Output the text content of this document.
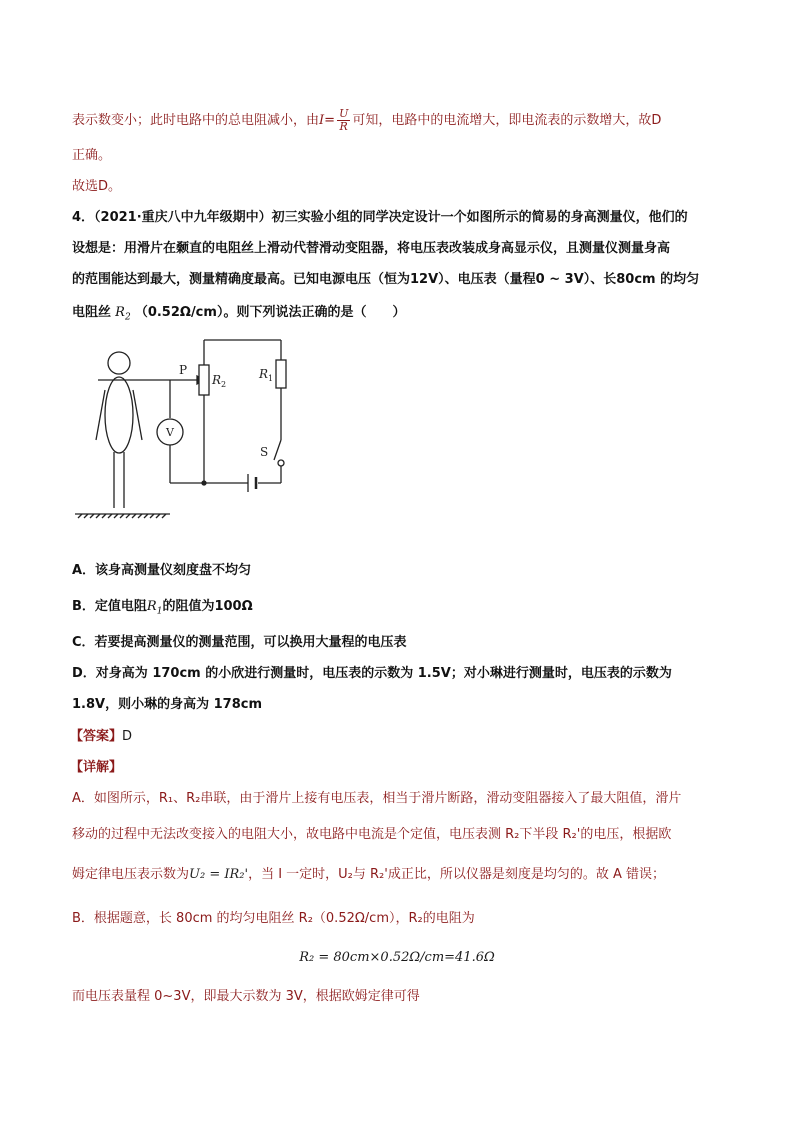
表示数变小；此时电路中的总电阻减小，由$I= \frac{U}{R}$ 可知，电路中的电流增大，即电流表的示数增大，故D
正确。
故选D。
4．（2021·重庆八中九年级期中）初三实验小组的同学决定设计一个如图所示的简易的身高测量仪，他们的
设想是：用滑片在颡直的电阻丝上滑动代替滑动变阻器，将电压表改装成身高显示仪，且测量仪测量身高
的范围能达到最大，测量精确度最高。已知电源电压（恒为12V）、电压表（量程0 ~ 3V）、长80cm 的均匀
电阻丝 $R_2$ （0.52Ω/cm）。则下列说法正确的是（　　）
P
$R_2$
$R_1$
V
S
A．该身高测量仪刻度盘不均匀
B．定值电阻$R_1$的阻值为100Ω
C．若要提高测量仪的测量范围，可以换用大量程的电压表
D．对身高为 170cm 的小欣进行测量时，电压表的示数为 1.5V；对小琳进行测量时，电压表的示数为
1.8V，则小琳的身高为 178cm
【答案】D
【详解】
A．如图所示，R₁、R₂串联，由于滑片上接有电压表，相当于滑片断路，滑动变阻器接入了最大阻值，滑片
移动的过程中无法改变接入的电阻大小，故电路中电流是个定值，电压表测 R₂下半段 R₂'的电压，根据欧
姆定律电压表示数为U₂ = IR₂'，当 I 一定时，U₂与 R₂'成正比，所以仪器是刻度是均匀的。故 A 错误；
B．根据题意，长 80cm 的均匀电阻丝 R₂（0.52Ω/cm），R₂的电阻为
R₂ = 80cm×0.52Ω/cm=41.6Ω
而电压表量程 0~3V，即最大示数为 3V，根据欧姆定律可得
